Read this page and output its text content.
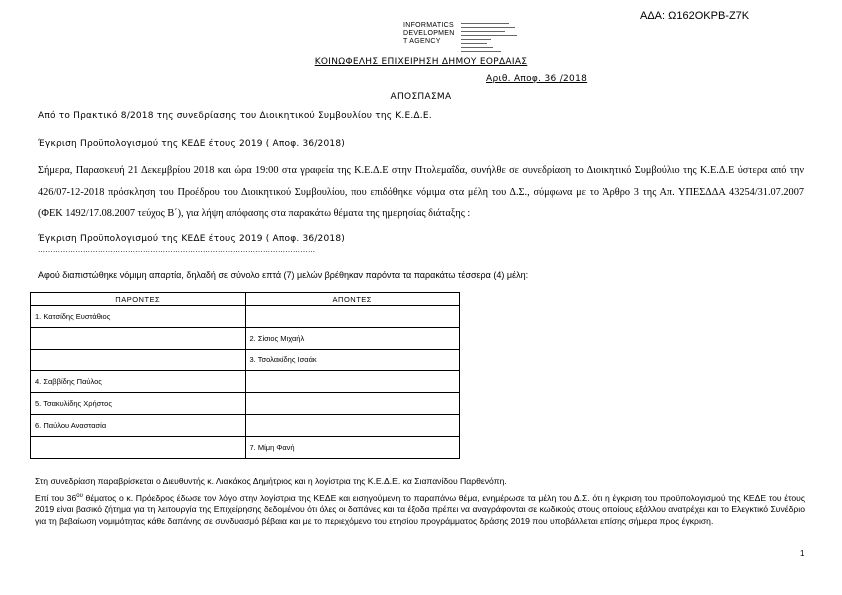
ΑΔΑ: Ω162ΟΚΡΒ-Ζ7Κ
INFORMATICS
DEVELOPMEN
T AGENCY
ΚΟΙΝΩΦΕΛΗΣ ΕΠΙΧΕΙΡΗΣΗ ΔΗΜΟΥ ΕΟΡΔΑΙΑΣ
Αριθ. Αποφ. 36 /2018
ΑΠΟΣΠΑΣΜΑ
Από το Πρακτικό 8/2018 της συνεδρίασης του Διοικητικού Συμβουλίου της Κ.Ε.Δ.Ε.
Έγκριση Προϋπολογισμού της ΚΕΔΕ έτους 2019 ( Αποφ. 36/2018)
Σήμερα, Παρασκευή 21 Δεκεμβρίου 2018 και ώρα 19:00 στα γραφεία της Κ.Ε.Δ.Ε στην Πτολεμαΐδα, συνήλθε σε συνεδρίαση το Διοικητικό Συμβούλιο της Κ.Ε.Δ.Ε ύστερα από την 426/07-12-2018 πρόσκληση του Προέδρου του Διοικητικού Συμβουλίου, που επιδόθηκε νόμιμα στα μέλη του Δ.Σ., σύμφωνα με το Άρθρο 3 της Απ. ΥΠΕΣΔΔΑ 43254/31.07.2007 (ΦΕΚ 1492/17.08.2007 τεύχος Β΄), για λήψη απόφασης στα παρακάτω θέματα της ημερησίας διάταξης :
Έγκριση Προϋπολογισμού της ΚΕΔΕ έτους 2019 ( Αποφ. 36/2018)
…………………………………………………………………………………………………
Αφού διαπιστώθηκε νόμιμη απαρτία, δηλαδή σε σύνολο επτά (7) μελών βρέθηκαν παρόντα τα παρακάτω τέσσερα (4) μέλη:
ΠΑΡΟΝΤΕΣ	ΑΠΟΝΤΕΣ
1. Κατσίδης Ευστάθιος	
	2. Σίσιος Μιχαήλ
	3. Τσολακίδης Ισαάκ
4. Σαββίδης Παύλος	
5. Τσακυλίδης Χρήστος	
6. Παύλου Αναστασία	
	7. Μίμη Φανή

Στη συνεδρίαση παραβρίσκεται ο Διευθυντής κ. Λιακάκος Δημήτριος και η λογίστρια της Κ.Ε.Δ.Ε. κα Σιαπανίδου Παρθενόπη.

Επί του $36^{o\upsilon}$ θέματος ο κ. Πρόεδρος έδωσε τον λόγο στην λογίστρια της ΚΕΔΕ και εισηγούμενη το παραπάνω θέμα, ενημέρωσε τα μέλη του Δ.Σ. ότι η έγκριση του προϋπολογισμού της ΚΕΔΕ του έτους 2019 είναι βασικό ζήτημα για τη λειτουργία της Επιχείρησης δεδομένου ότι όλες οι δαπάνες και τα έξοδα πρέπει να αναγράφονται σε κωδικούς στους οποίους εξάλλου ανατρέχει και το Ελεγκτικό Συνέδριο για τη βεβαίωση νομιμότητας κάθε δαπάνης σε συνδυασμό βέβαια και με το περιεχόμενο του ετησίου προγράμματος δράσης 2019 που υποβάλλεται επίσης σήμερα προς έγκριση.

1
